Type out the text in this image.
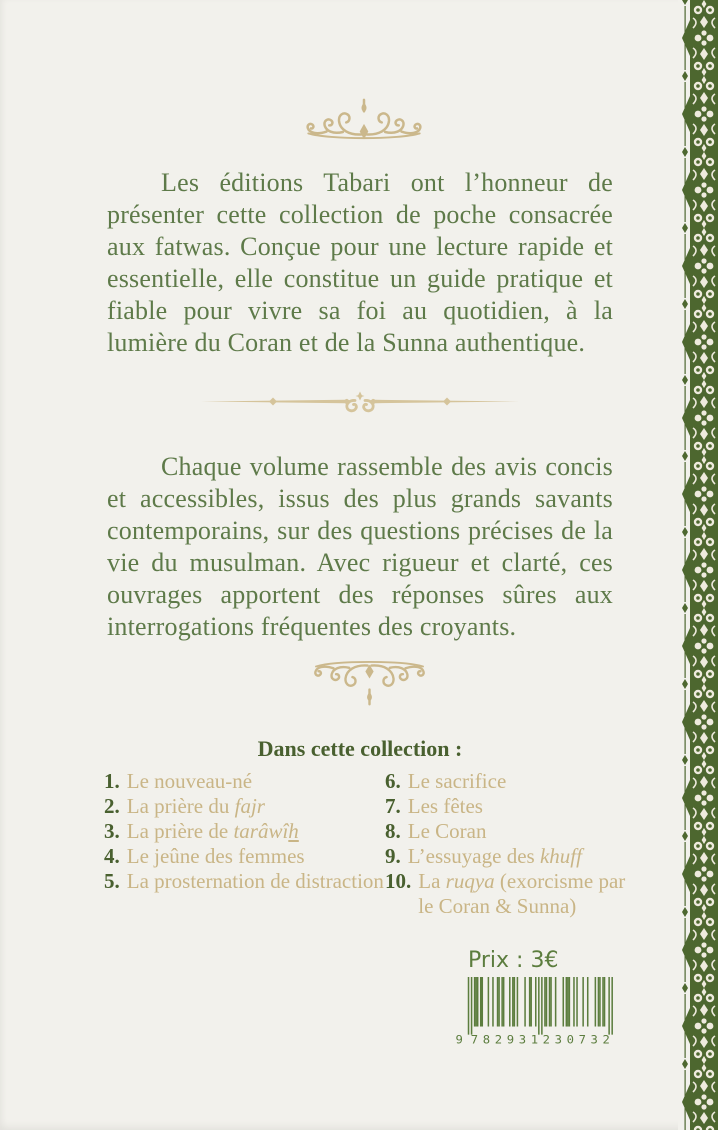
Les éditions Tabari ont l’honneur de présenter cette collection de poche consacrée aux fatwas. Conçue pour une lecture rapide et essentielle, elle constitue un guide pratique et fiable pour vivre sa foi au quotidien, à la lumière du Coran et de la Sunna authentique.

Chaque volume rassemble des avis concis et accessibles, issus des plus grands savants contemporains, sur des questions précises de la vie du musulman. Avec rigueur et clarté, ces ouvrages apportent des réponses sûres aux interrogations fréquentes des croyants.

Dans cette collection :
1. Le nouveau-né
2. La prière du fajr
3. La prière de tarâwîh
4. Le jeûne des femmes
5. La prosternation de distraction
6. Le sacrifice
7. Les fêtes
8. Le Coran
9. L’essuyage des khuff
10. La ruqya (exorcisme par le Coran & Sunna)

Prix : 3€

9 782931 230732
